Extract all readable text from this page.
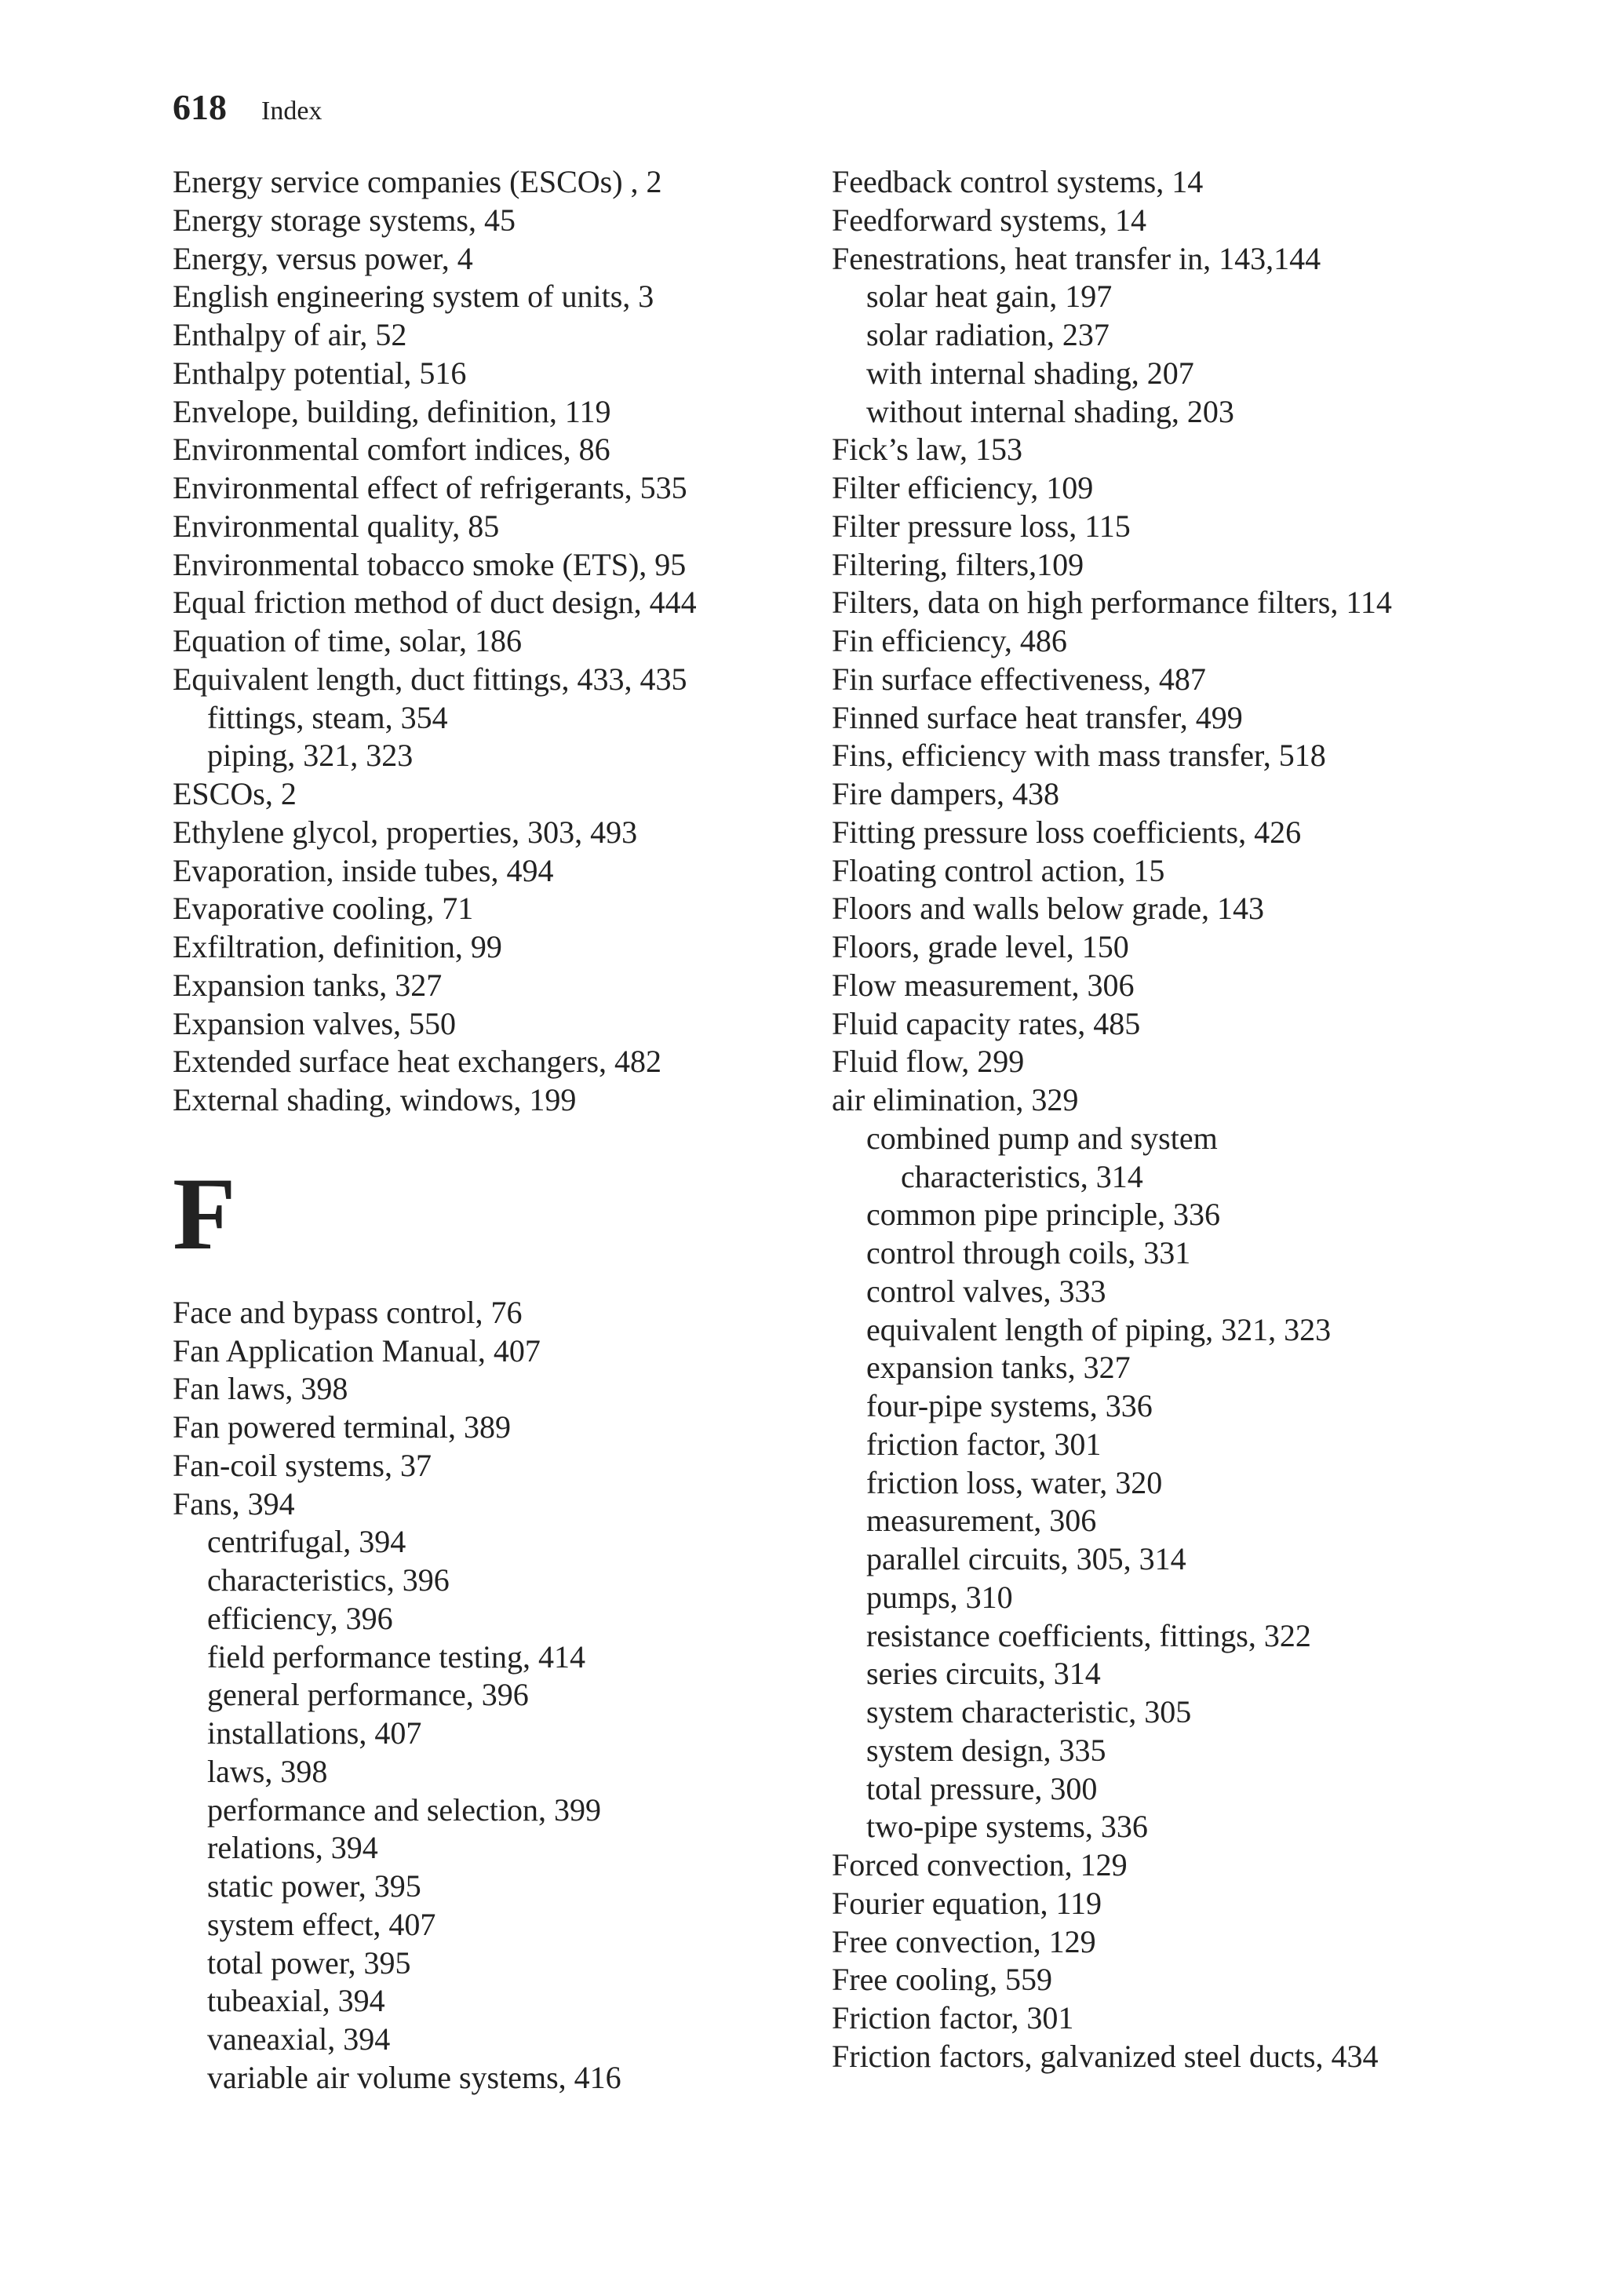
618 Index
Energy service companies (ESCOs) , 2
Energy storage systems, 45
Energy, versus power, 4
English engineering system of units, 3
Enthalpy of air, 52
Enthalpy potential, 516
Envelope, building, definition, 119
Environmental comfort indices, 86
Environmental effect of refrigerants, 535
Environmental quality, 85
Environmental tobacco smoke (ETS), 95
Equal friction method of duct design, 444
Equation of time, solar, 186
Equivalent length, duct fittings, 433, 435
fittings, steam, 354
piping, 321, 323
ESCOs, 2
Ethylene glycol, properties, 303, 493
Evaporation, inside tubes, 494
Evaporative cooling, 71
Exfiltration, definition, 99
Expansion tanks, 327
Expansion valves, 550
Extended surface heat exchangers, 482
External shading, windows, 199
F
Face and bypass control, 76
Fan Application Manual, 407
Fan laws, 398
Fan powered terminal, 389
Fan-coil systems, 37
Fans, 394
centrifugal, 394
characteristics, 396
efficiency, 396
field performance testing, 414
general performance, 396
installations, 407
laws, 398
performance and selection, 399
relations, 394
static power, 395
system effect, 407
total power, 395
tubeaxial, 394
vaneaxial, 394
variable air volume systems, 416
Feedback control systems, 14
Feedforward systems, 14
Fenestrations, heat transfer in, 143,144
solar heat gain, 197
solar radiation, 237
with internal shading, 207
without internal shading, 203
Fick’s law, 153
Filter efficiency, 109
Filter pressure loss, 115
Filtering, filters,109
Filters, data on high performance filters, 114
Fin efficiency, 486
Fin surface effectiveness, 487
Finned surface heat transfer, 499
Fins, efficiency with mass transfer, 518
Fire dampers, 438
Fitting pressure loss coefficients, 426
Floating control action, 15
Floors and walls below grade, 143
Floors, grade level, 150
Flow measurement, 306
Fluid capacity rates, 485
Fluid flow, 299
air elimination, 329
combined pump and system
characteristics, 314
common pipe principle, 336
control through coils, 331
control valves, 333
equivalent length of piping, 321, 323
expansion tanks, 327
four-pipe systems, 336
friction factor, 301
friction loss, water, 320
measurement, 306
parallel circuits, 305, 314
pumps, 310
resistance coefficients, fittings, 322
series circuits, 314
system characteristic, 305
system design, 335
total pressure, 300
two-pipe systems, 336
Forced convection, 129
Fourier equation, 119
Free convection, 129
Free cooling, 559
Friction factor, 301
Friction factors, galvanized steel ducts, 434
